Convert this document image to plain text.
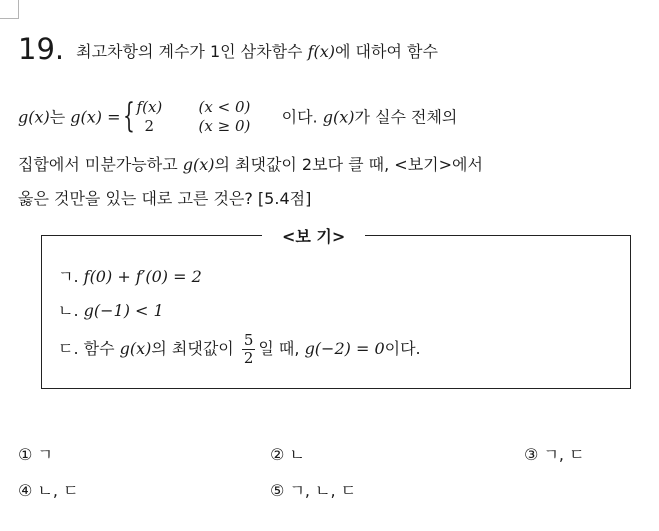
19. 최고차항의 계수가 1인 삼차함수 f(x)에 대하여 함수
g(x)는 g(x) = { f(x) (x < 0)
2	(x ≥ 0) 이다. g(x)가 실수 전체의
집합에서 미분가능하고 g(x)의 최댓값이 2보다 클 때, <보기>에서
옳은 것만을 있는 대로 고른 것은? [5.4점]
<보 기>
ㄱ. f(0) + f′(0) = 2
ㄴ. g(−1) < 1
ㄷ. 함수 g(x)의 최댓값이 $\frac{5}{2}$ 일 때, g(−2) = 0이다.
① ㄱ	② ㄴ	③ ㄱ, ㄷ
④ ㄴ, ㄷ	⑤ ㄱ, ㄴ, ㄷ
